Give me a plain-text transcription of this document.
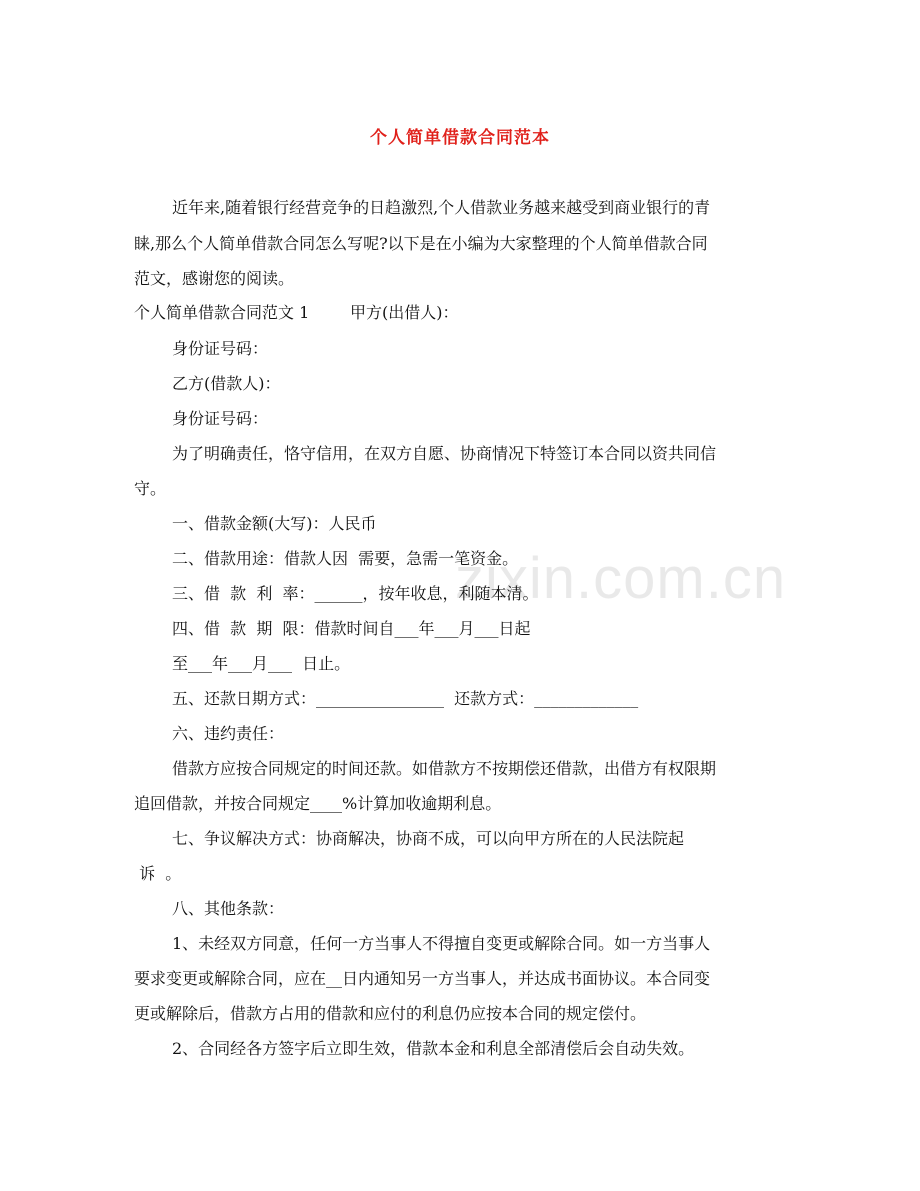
zixin.com.cn
个人简单借款合同范本
近年来,随着银行经营竞争的日趋激烈,个人借款业务越来越受到商业银行的青
睐,那么个人简单借款合同怎么写呢?以下是在小编为大家整理的个人简单借款合同
范文，感谢您的阅读。
个人简单借款合同范文 1        甲方(出借人)：
身份证号码：
乙方(借款人)：
身份证号码：
为了明确责任，恪守信用，在双方自愿、协商情况下特签订本合同以资共同信
守。
一、借款金额(大写)：人民币
二、借款用途：借款人因  需要，急需一笔资金。
三、借  款  利  率：______，按年收息，利随本清。
四、借  款  期  限：借款时间自___年___月___日起
至___年___月___  日止。
五、还款日期方式：________________  还款方式：_____________
六、违约责任：
借款方应按合同规定的时间还款。如借款方不按期偿还借款，出借方有权限期
追回借款，并按合同规定____%计算加收逾期利息。
七、争议解决方式：协商解决，协商不成，可以向甲方所在的人民法院起
诉  。
八、其他条款：
1、未经双方同意，任何一方当事人不得擅自变更或解除合同。如一方当事人
要求变更或解除合同，应在__日内通知另一方当事人，并达成书面协议。本合同变
更或解除后，借款方占用的借款和应付的利息仍应按本合同的规定偿付。
2、合同经各方签字后立即生效，借款本金和利息全部清偿后会自动失效。
